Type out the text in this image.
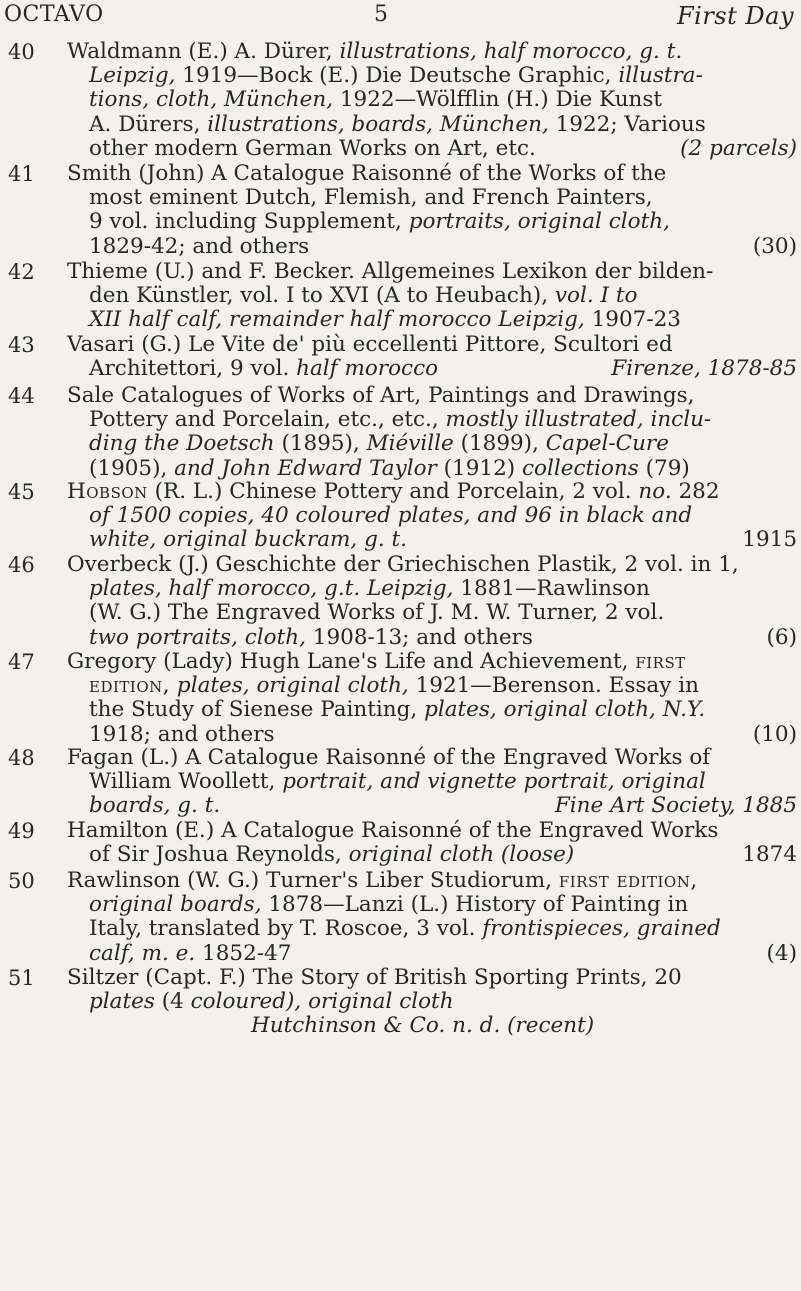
OCTAVO	5	First Day
40 Waldmann (E.) A. Dürer, illustrations, half morocco, g. t.
Leipzig, 1919—Bock (E.) Die Deutsche Graphic, illustra-
tions, cloth, München, 1922—Wölfflin (H.) Die Kunst
A. Dürers, illustrations, boards, München, 1922; Various
other modern German Works on Art, etc.	(2 parcels)
41 Smith (John) A Catalogue Raisonné of the Works of the
most eminent Dutch, Flemish, and French Painters,
9 vol. including Supplement, portraits, original cloth,
1829-42; and others	(30)
42 Thieme (U.) and F. Becker. Allgemeines Lexikon der bilden-
den Künstler, vol. I to XVI (A to Heubach), vol. I to
XII half calf, remainder half morocco Leipzig, 1907-23
43 Vasari (G.) Le Vite de' più eccellenti Pittore, Scultori ed
Architettori, 9 vol. half morocco	Firenze, 1878-85
44 Sale Catalogues of Works of Art, Paintings and Drawings,
Pottery and Porcelain, etc., etc., mostly illustrated, inclu-
ding the Doetsch (1895), Miéville (1899), Capel-Cure
(1905), and John Edward Taylor (1912) collections (79)
45 Hobson (R. L.) Chinese Pottery and Porcelain, 2 vol. no. 282
of 1500 copies, 40 coloured plates, and 96 in black and
white, original buckram, g. t.	1915
46 Overbeck (J.) Geschichte der Griechischen Plastik, 2 vol. in 1,
plates, half morocco, g.t. Leipzig, 1881—Rawlinson
(W. G.) The Engraved Works of J. M. W. Turner, 2 vol.
two portraits, cloth, 1908-13; and others	(6)
47 Gregory (Lady) Hugh Lane's Life and Achievement, first
edition, plates, original cloth, 1921—Berenson. Essay in
the Study of Sienese Painting, plates, original cloth, N.Y.
1918; and others	(10)
48 Fagan (L.) A Catalogue Raisonné of the Engraved Works of
William Woollett, portrait, and vignette portrait, original
boards, g. t.	Fine Art Society, 1885
49 Hamilton (E.) A Catalogue Raisonné of the Engraved Works
of Sir Joshua Reynolds, original cloth (loose)	1874
50 Rawlinson (W. G.) Turner's Liber Studiorum, first edition,
original boards, 1878—Lanzi (L.) History of Painting in
Italy, translated by T. Roscoe, 3 vol. frontispieces, grained
calf, m. e. 1852-47	(4)
51 Siltzer (Capt. F.) The Story of British Sporting Prints, 20
plates (4 coloured), original cloth
Hutchinson & Co. n. d. (recent)
